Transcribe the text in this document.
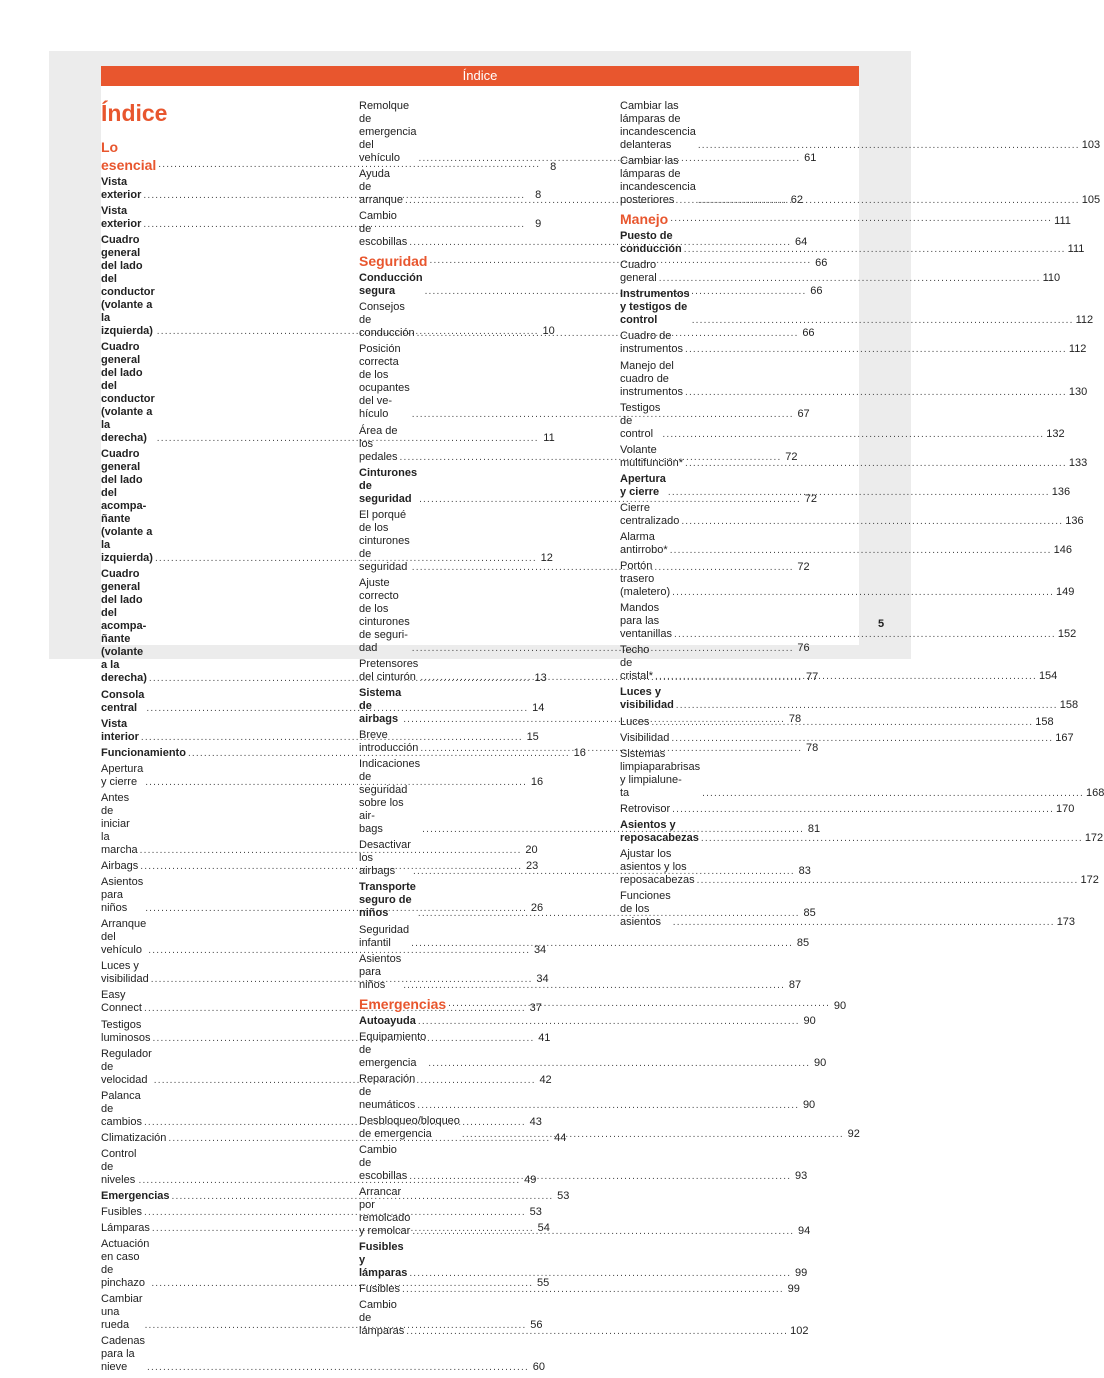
Índice
Índice
Lo esencial .....	8
Vista exterior .....	8
Vista exterior .....	9
Cuadro general del lado del conductor
(volante a la izquierda) .....	10
Cuadro general del lado del conductor
(volante a la derecha) .....	11
Cuadro general del lado del acompa-
ñante (volante a la izquierda) .....	12
Cuadro general del lado del acompa-
ñante (volante a la derecha) .....	13
Consola central .....	14
Vista interior .....	15
Funcionamiento .....	16
Apertura y cierre .....	16
Antes de iniciar la marcha .....	20
Airbags .....	23
Asientos para niños .....	26
Arranque del vehículo .....	34
Luces y visibilidad .....	34
Easy Connect .....	37
Testigos luminosos .....	41
Regulador de velocidad .....	42
Palanca de cambios .....	43
Climatización .....	44
Control de niveles .....	49
Emergencias .....	53
Fusibles .....	53
Lámparas .....	54
Actuación en caso de pinchazo .....	55
Cambiar una rueda .....	56
Cadenas para la nieve .....	60
Remolque de emergencia del vehículo .....	61
Ayuda de arranque .....	62
Cambio de escobillas .....	64
Seguridad .....	66
Conducción segura .....	66
Consejos de conducción .....	66
Posición correcta de los ocupantes del ve-
hículo .....	67
Área de los pedales .....	72
Cinturones de seguridad .....	72
El porqué de los cinturones de seguridad .....	72
Ajuste correcto de los cinturones de seguri-
dad .....	76
Pretensores del cinturón .....	77
Sistema de airbags .....	78
Breve introducción .....	78
Indicaciones de seguridad sobre los air-
bags .....	81
Desactivar los airbags .....	83
Transporte seguro de niños .....	85
Seguridad infantil .....	85
Asientos para niños .....	87
Emergencias .....	90
Autoayuda .....	90
Equipamiento de emergencia .....	90
Reparación de neumáticos .....	90
Desbloqueo/bloqueo de emergencia .....	92
Cambio de escobillas .....	93
Arrancar por remolcado y remolcar .....	94
Fusibles y lámparas .....	99
Fusibles .....	99
Cambio de lámparas .....	102
Cambiar las lámparas de incandescencia
delanteras .....	103
Cambiar las lámparas de incandescencia
posteriores .....	105
Manejo .....	111
Puesto de conducción .....	111
Cuadro general .....	110
Instrumentos y testigos de control .....	112
Cuadro de instrumentos .....	112
Manejo del cuadro de instrumentos .....	130
Testigos de control .....	132
Volante multifunción* .....	133
Apertura y cierre .....	136
Cierre centralizado .....	136
Alarma antirrobo* .....	146
Portón trasero (maletero) .....	149
Mandos para las ventanillas .....	152
Techo de cristal* .....	154
Luces y visibilidad .....	158
Luces .....	158
Visibilidad .....	167
Sistemas limpiaparabrisas y limpialune-
ta .....	168
Retrovisor .....	170
Asientos y reposacabezas .....	172
Ajustar los asientos y los reposacabezas .....	172
Funciones de los asientos .....	173
5
